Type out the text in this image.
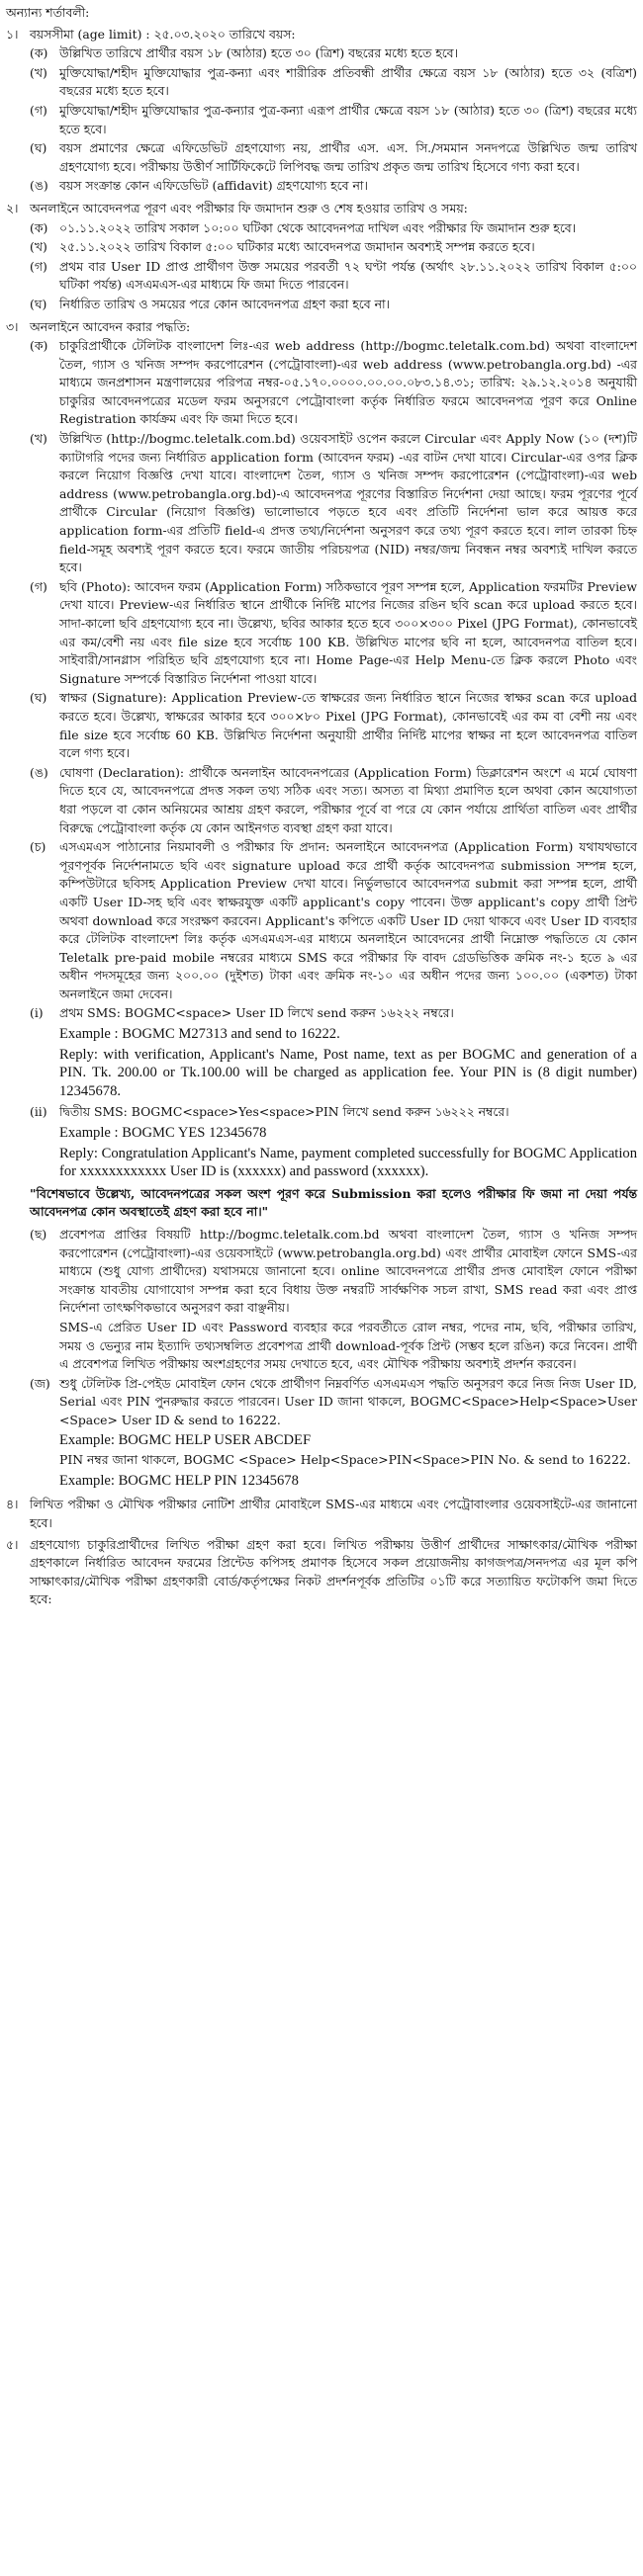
অন্যান্য শর্তাবলী:
১। বয়সসীমা (age limit) : ২৫.০৩.২০২০ তারিখে বয়স:
(ক) উল্লিখিত তারিখে প্রার্থীর বয়স ১৮ (আঠার) হতে ৩০ (ত্রিশ) বছরের মধ্যে হতে হবে।
(খ) মুক্তিযোদ্ধা/শহীদ মুক্তিযোদ্ধার পুত্র-কন্যা এবং শারীরিক প্রতিবন্ধী প্রার্থীর ক্ষেত্রে বয়স ১৮ (আঠার) হতে ৩২ (বত্রিশ) বছরের মধ্যে হতে হবে।
(গ) মুক্তিযোদ্ধা/শহীদ মুক্তিযোদ্ধার পুত্র-কন্যার পুত্র-কন্যা এরূপ প্রার্থীর ক্ষেত্রে বয়স ১৮ (আঠার) হতে ৩০ (ত্রিশ) বছরের মধ্যে হতে হবে।
(ঘ)	বয়স প্রমাণের ক্ষেত্রে এফিডেভিট গ্রহণযোগ্য নয়, প্রার্থীর এস. এস. সি./সমমান সনদপত্রে উল্লিখিত জন্ম তারিখ গ্রহণযোগ্য হবে। পরীক্ষায় উত্তীর্ণ সার্টিফিকেটে লিপিবদ্ধ জন্ম তারিখ প্রকৃত জন্ম তারিখ হিসেবে গণ্য করা হবে।
(ঙ) বয়স সংক্রান্ত কোন এফিডেভিট (affidavit) গ্রহণযোগ্য হবে না।
২। অনলাইনে আবেদনপত্র পূরণ এবং পরীক্ষার ফি জমাদান শুরু ও শেষ হওয়ার তারিখ ও সময়:
(ক) ০১.১১.২০২২ তারিখ সকাল ১০:০০ ঘটিকা থেকে আবেদনপত্র দাখিল এবং পরীক্ষার ফি জমাদান শুরু হবে।
(খ) ২৫.১১.২০২২ তারিখ বিকাল ৫:০০ ঘটিকার মধ্যে আবেদনপত্র জমাদান অবশ্যই সম্পন্ন করতে হবে।
(গ) প্রথম বার User ID প্রাপ্ত প্রার্থীগণ উক্ত সময়ের পরবর্তী ৭২ ঘণ্টা পর্যন্ত (অর্থাৎ ২৮.১১.২০২২ তারিখ বিকাল ৫:০০ ঘটিকা পর্যন্ত) এসএমএস-এর মাধ্যমে ফি জমা দিতে পারবেন।
(ঘ)	নির্ধারিত তারিখ ও সময়ের পরে কোন আবেদনপত্র গ্রহণ করা হবে না।
৩। অনলাইনে আবেদন করার পদ্ধতি:
(ক) চাকুরিপ্রার্থীকে টেলিটক বাংলাদেশ লিঃ-এর web address (http://bogmc.teletalk.com.bd) অথবা বাংলাদেশ তৈল, গ্যাস ও খনিজ সম্পদ করপোরেশন (পেট্রোবাংলা)-এর web address (www.petrobangla.org.bd) -এর মাধ্যমে জনপ্রশাসন মন্ত্রণালয়ের পরিপত্র নম্বর-০৫.১৭০.০০০০.০০.০০.০৮৩.১৪.৩১; তারিখ: ২৯.১২.২০১৪ অনুযায়ী চাকুরির আবেদনপত্রের মডেল ফরম অনুসরণে পেট্রোবাংলা কর্তৃক নির্ধারিত ফরমে আবেদনপত্র পূরণ করে Online Registration কার্যক্রম এবং ফি জমা দিতে হবে।
(খ) উল্লিখিত (http://bogmc.teletalk.com.bd) ওয়েবসাইট ওপেন করলে Circular এবং Apply Now (১০ (দশ)টি ক্যাটাগরি পদের জন্য নির্ধারিত application form (আবেদন ফরম) -এর বাটন দেখা যাবে। Circular-এর ওপর ক্লিক করলে নিয়োগ বিজ্ঞপ্তি দেখা যাবে। বাংলাদেশ তৈল, গ্যাস ও খনিজ সম্পদ করপোরেশন (পেট্রোবাংলা)-এর web address (www.petrobangla.org.bd)-এ আবেদনপত্র পূরণের বিস্তারিত নির্দেশনা দেয়া আছে। ফরম পূরণের পূর্বে প্রার্থীকে Circular (নিয়োগ বিজ্ঞপ্তি) ভালোভাবে পড়তে হবে এবং প্রতিটি নির্দেশনা ভাল করে আয়ত্ত করে application form-এর প্রতিটি field-এ প্রদত্ত তথ্য/নির্দেশনা অনুসরণ করে তথ্য পূরণ করতে হবে। লাল তারকা চিহ্ন field-সমূহ অবশ্যই পূরণ করতে হবে। ফরমে জাতীয় পরিচয়পত্র (NID) নম্বর/জন্ম নিবন্ধন নম্বর অবশ্যই দাখিল করতে হবে।
(গ) ছবি (Photo): আবেদন ফরম (Application Form) সঠিকভাবে পূরণ সম্পন্ন হলে, Application ফরমটির Preview দেখা যাবে। Preview-এর নির্ধারিত স্থানে প্রার্থীকে নির্দিষ্ট মাপের নিজের রঙিন ছবি scan করে upload করতে হবে। সাদা-কালো ছবি গ্রহণযোগ্য হবে না। উল্লেখ্য, ছবির আকার হতে হবে ৩০০×৩০০ Pixel (JPG Format), কোনভাবেই এর কম/বেশী নয় এবং file size হবে সর্বোচ্চ 100 KB. উল্লিখিত মাপের ছবি না হলে, আবেদনপত্র বাতিল হবে। সাইবারী/সানগ্লাস পরিহিত ছবি গ্রহণযোগ্য হবে না। Home Page-এর Help Menu-তে ক্লিক করলে Photo এবং Signature সম্পর্কে বিস্তারিত নির্দেশনা পাওয়া যাবে।
(ঘ)	স্বাক্ষর (Signature): Application Preview-তে স্বাক্ষরের জন্য নির্ধারিত স্থানে নিজের স্বাক্ষর scan করে upload করতে হবে। উল্লেখ্য, স্বাক্ষরের আকার হবে ৩০০×৮০ Pixel (JPG Format), কোনভাবেই এর কম বা বেশী নয় এবং file size হবে সর্বোচ্চ 60 KB. উল্লিখিত নির্দেশনা অনুযায়ী প্রার্থীর নির্দিষ্ট মাপের স্বাক্ষর না হলে আবেদনপত্র বাতিল বলে গণ্য হবে।
(ঙ) ঘোষণা (Declaration): প্রার্থীকে অনলাইন আবেদনপত্রের (Application Form) ডিক্লারেশন অংশে এ মর্মে ঘোষণা দিতে হবে যে, আবেদনপত্রে প্রদত্ত সকল তথ্য সঠিক এবং সত্য। অসত্য বা মিথ্যা প্রমাণিত হলে অথবা কোন অযোগ্যতা ধরা পড়লে বা কোন অনিয়মের আশ্রয় গ্রহণ করলে, পরীক্ষার পূর্বে বা পরে যে কোন পর্যায়ে প্রার্থিতা বাতিল এবং প্রার্থীর বিরুদ্ধে পেট্রোবাংলা কর্তৃক যে কোন আইনগত ব্যবস্থা গ্রহণ করা যাবে।
(চ)	এসএমএস পাঠানোর নিয়মাবলী ও পরীক্ষার ফি প্রদান: অনলাইনে আবেদনপত্র (Application Form) যথাযথভাবে পূরণপূর্বক নির্দেশনামতে ছবি এবং signature upload করে প্রার্থী কর্তৃক আবেদনপত্র submission সম্পন্ন হলে, কম্পিউটারে ছবিসহ Application Preview দেখা যাবে। নির্ভুলভাবে আবেদনপত্র submit করা সম্পন্ন হলে, প্রার্থী একটি User ID-সহ ছবি এবং স্বাক্ষরযুক্ত একটি applicant's copy পাবেন। উক্ত applicant's copy প্রার্থী প্রিন্ট অথবা download করে সংরক্ষণ করবেন। Applicant's কপিতে একটি User ID দেয়া থাকবে এবং User ID ব্যবহার করে টেলিটক বাংলাদেশ লিঃ কর্তৃক এসএমএস-এর মাধ্যমে অনলাইনে আবেদনের প্রার্থী নিম্নোক্ত পদ্ধতিতে যে কোন Teletalk pre-paid mobile নম্বরের মাধ্যমে SMS করে পরীক্ষার ফি বাবদ গ্রেডভিত্তিক ক্রমিক নং-১ হতে ৯ এর অধীন পদসমূহের জন্য ২০০.০০ (দুইশত) টাকা এবং ক্রমিক নং-১০ এর অধীন পদের জন্য ১০০.০০ (একশত) টাকা অনলাইনে জমা দেবেন।
(i)	প্রথম SMS: BOGMC<space> User ID লিখে send করুন ১৬২২২ নম্বরে।

Example : BOGMC M27313 and send to 16222.

Reply: with verification, Applicant's Name, Post name, text as per BOGMC and generation of a PIN. Tk. 200.00 or Tk.100.00 will be charged as application fee. Your PIN is (8 digit number) 12345678.

(ii)	দ্বিতীয় SMS: BOGMC<space>Yes<space>PIN লিখে send করুন ১৬২২২ নম্বরে।

Example : BOGMC YES 12345678

Reply: Congratulation Applicant's Name, payment completed successfully for BOGMC Application for xxxxxxxxxxxx User ID is (xxxxxx) and password (xxxxxx).

"বিশেষভাবে উল্লেখ্য, আবেদনপত্রের সকল অংশ পূরণ করে Submission করা হলেও পরীক্ষার ফি জমা না দেয়া পর্যন্ত আবেদনপত্র কোন অবস্থাতেই গ্রহণ করা হবে না।"
(ছ)	প্রবেশপত্র প্রাপ্তির বিষয়টি http://bogmc.teletalk.com.bd অথবা বাংলাদেশ তৈল, গ্যাস ও খনিজ সম্পদ করপোরেশন (পেট্রোবাংলা)-এর ওয়েবসাইটে (www.petrobangla.org.bd) এবং প্রার্থীর মোবাইল ফোনে SMS-এর মাধ্যমে (শুধু যোগ্য প্রার্থীদের) যথাসময়ে জানানো হবে। online আবেদনপত্রে প্রার্থীর প্রদত্ত মোবাইল ফোনে পরীক্ষা সংক্রান্ত যাবতীয় যোগাযোগ সম্পন্ন করা হবে বিধায় উক্ত নম্বরটি সার্বক্ষণিক সচল রাখা, SMS read করা এবং প্রাপ্ত নির্দেশনা তাৎক্ষণিকভাবে অনুসরণ করা বাঞ্ছনীয়।
SMS-এ প্রেরিত User ID এবং Password ব্যবহার করে পরবর্তীতে রোল নম্বর, পদের নাম, ছবি, পরীক্ষার তারিখ, সময় ও ভেন্যুর নাম ইত্যাদি তথ্যসম্বলিত প্রবেশপত্র প্রার্থী download-পূর্বক প্রিন্ট (সম্ভব হলে রঙিন) করে নিবেন। প্রার্থী এ প্রবেশপত্র লিখিত পরীক্ষায় অংশগ্রহণের সময় দেখাতে হবে, এবং মৌখিক পরীক্ষায় অবশ্যই প্রদর্শন করবেন।
(জ) শুধু টেলিটক প্রি-পেইড মোবাইল ফোন থেকে প্রার্থীগণ নিম্নবর্ণিত এসএমএস পদ্ধতি অনুসরণ করে নিজ নিজ User ID, Serial এবং PIN পুনরুদ্ধার করতে পারবেন। User ID জানা থাকলে, BOGMC<Space>Help<Space>User <Space> User ID & send to 16222.

Example: BOGMC HELP USER ABCDEF

PIN নম্বর জানা থাকলে, BOGMC <Space> Help<Space>PIN<Space>PIN No. & send to 16222.

Example: BOGMC HELP PIN 12345678

৪। লিখিত পরীক্ষা ও মৌখিক পরীক্ষার নোটিশ প্রার্থীর মোবাইলে SMS-এর মাধ্যমে এবং পেট্রোবাংলার ওয়েবসাইটে-এর জানানো হবে।
৫। গ্রহণযোগ্য চাকুরিপ্রার্থীদের লিখিত পরীক্ষা গ্রহণ করা হবে। লিখিত পরীক্ষায় উত্তীর্ণ প্রার্থীদের সাক্ষাৎকার/মৌখিক পরীক্ষা গ্রহণকালে নির্ধারিত আবেদন ফরমের প্রিন্টেড কপিসহ প্রমাণক হিসেবে সকল প্রয়োজনীয় কাগজপত্র/সনদপত্র এর মূল কপি সাক্ষাৎকার/মৌখিক পরীক্ষা গ্রহণকারী বোর্ড/কর্তৃপক্ষের নিকট প্রদর্শনপূর্বক প্রতিটির ০১টি করে সত্যায়িত ফটোকপি জমা দিতে হবে:
